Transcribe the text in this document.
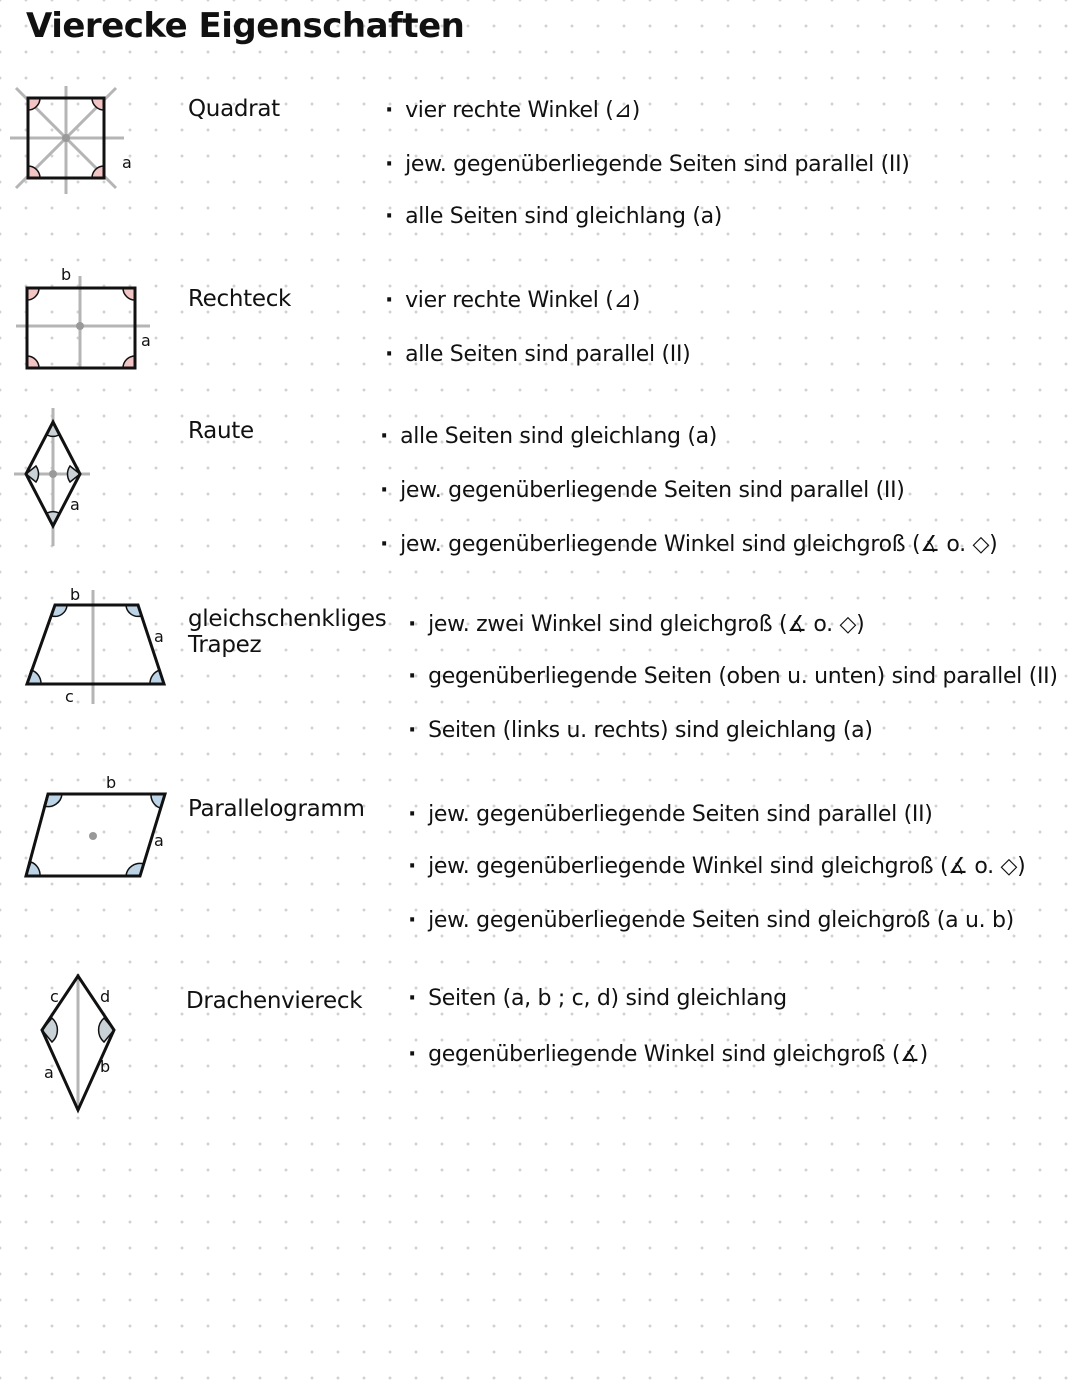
Vierecke Eigenschaften
a
Quadrat	· vier rechte Winkel (⊿)
· jew. gegenüberliegende Seiten sind parallel (II)
· alle Seiten sind gleichlang (a)
b
a
Rechteck	· vier rechte Winkel (⊿)
· alle Seiten sind parallel (II)
a
Raute	· alle Seiten sind gleichlang (a)
· jew. gegenüberliegende Seiten sind parallel (II)
· jew. gegenüberliegende Winkel sind gleichgroß (∡ o. ◇)
b
a
c
gleichschenkliges Trapez
· jew. zwei Winkel sind gleichgroß (∡ o. ◇)
· gegenüberliegende Seiten (oben u. unten) sind parallel (II)
· Seiten (links u. rechts) sind gleichlang (a)
b
a
Parallelogramm	· jew. gegenüberliegende Seiten sind parallel (II)
· jew. gegenüberliegende Winkel sind gleichgroß (∡ o. ◇)
· jew. gegenüberliegende Seiten sind gleichgroß (a u. b)
c	d
a	b
Drachenviereck	· Seiten (a, b ; c, d) sind gleichlang
· gegenüberliegende Winkel sind gleichgroß (∡)
